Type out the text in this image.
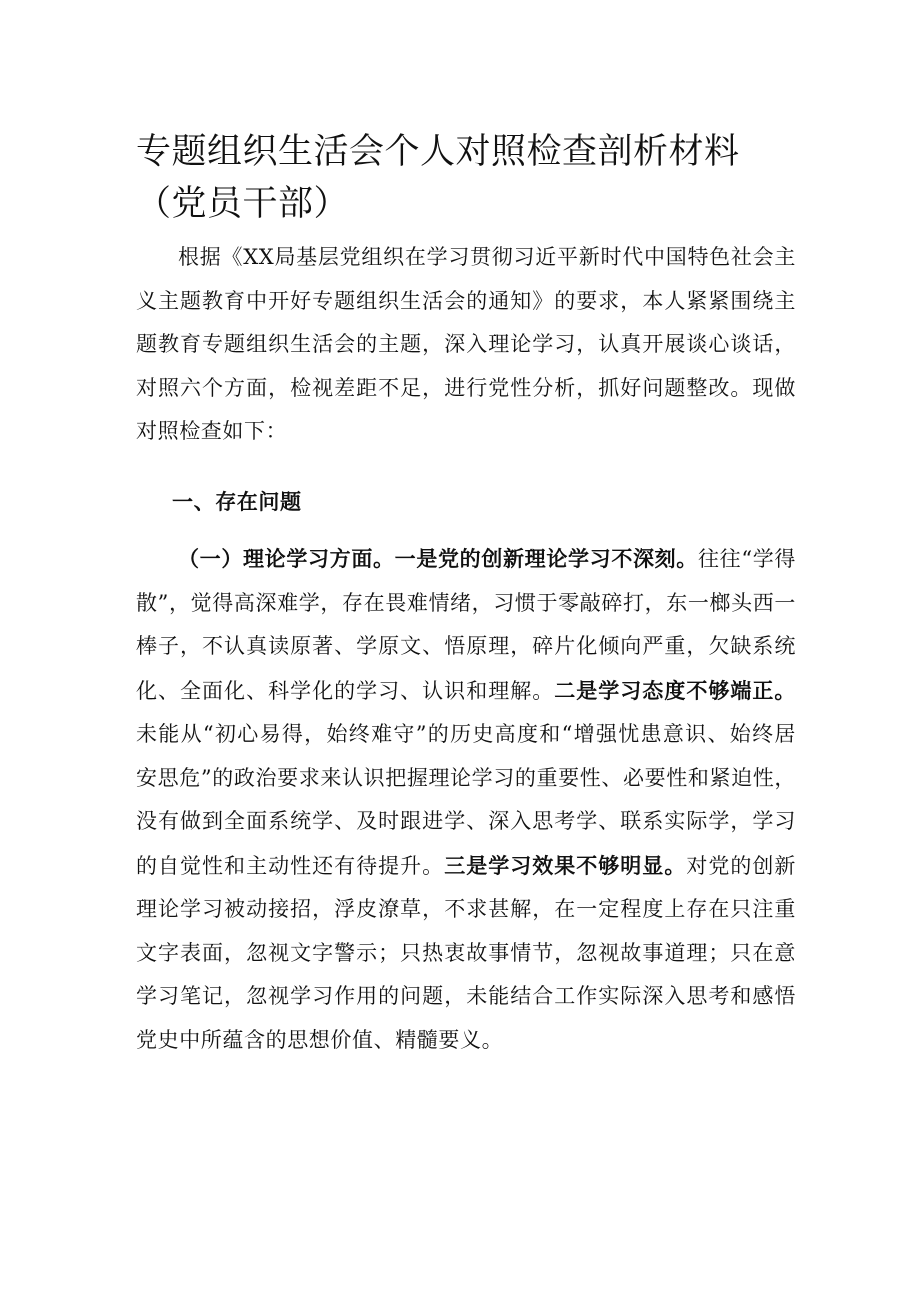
专题组织生活会个人对照检查剖析材料（党员干部）

根据《XX局基层党组织在学习贯彻习近平新时代中国特色社会主义主题教育中开好专题组织生活会的通知》的要求，本人紧紧围绕主题教育专题组织生活会的主题，深入理论学习，认真开展谈心谈话，对照六个方面，检视差距不足，进行党性分析，抓好问题整改。现做对照检查如下：

一、存在问题

（一）理论学习方面。一是党的创新理论学习不深刻。往往“学得散”，觉得高深难学，存在畏难情绪，习惯于零敲碎打，东一榔头西一棒子，不认真读原著、学原文、悟原理，碎片化倾向严重，欠缺系统化、全面化、科学化的学习、认识和理解。二是学习态度不够端正。未能从“初心易得，始终难守”的历史高度和“增强忧患意识、始终居安思危”的政治要求来认识把握理论学习的重要性、必要性和紧迫性，没有做到全面系统学、及时跟进学、深入思考学、联系实际学，学习的自觉性和主动性还有待提升。三是学习效果不够明显。对党的创新理论学习被动接招，浮皮潦草，不求甚解，在一定程度上存在只注重文字表面，忽视文字警示；只热衷故事情节，忽视故事道理；只在意学习笔记，忽视学习作用的问题，未能结合工作实际深入思考和感悟党史中所蕴含的思想价值、精髓要义。
